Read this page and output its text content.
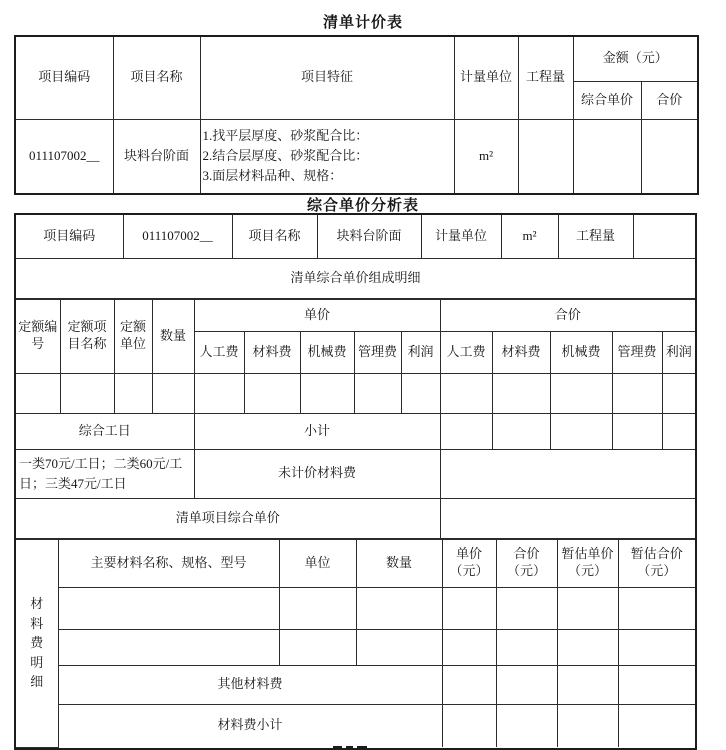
清单计价表
项目编码	项目名称	项目特征	计量单位	工程量	金额（元）	
					综合单价	合价
011107002__	块料台阶面	1.找平层厚度、砂浆配合比：
2.结合层厚度、砂浆配合比：
3.面层材料品种、规格：	m²			
综合单价分析表
项目编码	011107002__	项目名称	块料台阶面	计量单位	m²	工程量	
清单综合单价组成明细
定额编号	定额项目名称	定额单位	数量	单价					合价				
				人工费	材料费	机械费	管理费	利润	人工费	材料费	机械费	管理费	利润

综合工日				小计									
一类70元/工日；二类60元/工日；三类47元/工日				未计价材料费									
清单项目综合单价													
材料费明细	主要材料名称、规格、型号	单位	数量	单价（元）	合价（元）	暂估单价（元）	暂估合价（元）

	其他材料费						
	材料费小计						
